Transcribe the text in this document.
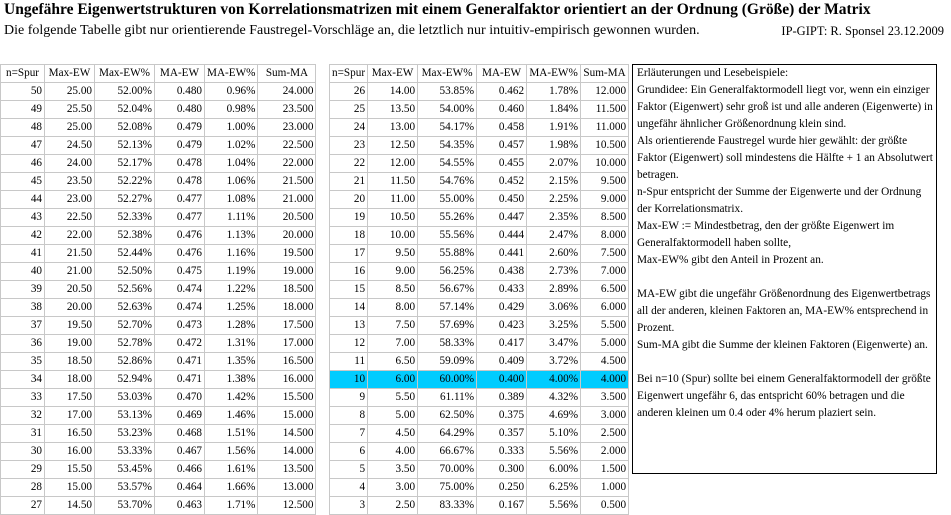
Ungefähre Eigenwertstrukturen von Korrelationsmatrizen mit einem Generalfaktor orientiert an der Ordnung (Größe) der Matrix
Die folgende Tabelle gibt nur orientierende Faustregel-Vorschläge an, die letztlich nur intuitiv-empirisch gewonnen wurden.	IP-GIPT: R. Sponsel 23.12.2009
n=Spur	Max-EW	Max-EW%	MA-EW	MA-EW%	Sum-MA
50	25.00	52.00%	0.480	0.96%	24.000
49	25.50	52.04%	0.480	0.98%	23.500
48	25.00	52.08%	0.479	1.00%	23.000
47	24.50	52.13%	0.479	1.02%	22.500
46	24.00	52.17%	0.478	1.04%	22.000
45	23.50	52.22%	0.478	1.06%	21.500
44	23.00	52.27%	0.477	1.08%	21.000
43	22.50	52.33%	0.477	1.11%	20.500
42	22.00	52.38%	0.476	1.13%	20.000
41	21.50	52.44%	0.476	1.16%	19.500
40	21.00	52.50%	0.475	1.19%	19.000
39	20.50	52.56%	0.474	1.22%	18.500
38	20.00	52.63%	0.474	1.25%	18.000
37	19.50	52.70%	0.473	1.28%	17.500
36	19.00	52.78%	0.472	1.31%	17.000
35	18.50	52.86%	0.471	1.35%	16.500
34	18.00	52.94%	0.471	1.38%	16.000
33	17.50	53.03%	0.470	1.42%	15.500
32	17.00	53.13%	0.469	1.46%	15.000
31	16.50	53.23%	0.468	1.51%	14.500
30	16.00	53.33%	0.467	1.56%	14.000
29	15.50	53.45%	0.466	1.61%	13.500
28	15.00	53.57%	0.464	1.66%	13.000
27	14.50	53.70%	0.463	1.71%	12.500
n=Spur	Max-EW	Max-EW%	MA-EW	MA-EW%	Sum-MA
26	14.00	53.85%	0.462	1.78%	12.000
25	13.50	54.00%	0.460	1.84%	11.500
24	13.00	54.17%	0.458	1.91%	11.000
23	12.50	54.35%	0.457	1.98%	10.500
22	12.00	54.55%	0.455	2.07%	10.000
21	11.50	54.76%	0.452	2.15%	9.500
20	11.00	55.00%	0.450	2.25%	9.000
19	10.50	55.26%	0.447	2.35%	8.500
18	10.00	55.56%	0.444	2.47%	8.000
17	9.50	55.88%	0.441	2.60%	7.500
16	9.00	56.25%	0.438	2.73%	7.000
15	8.50	56.67%	0.433	2.89%	6.500
14	8.00	57.14%	0.429	3.06%	6.000
13	7.50	57.69%	0.423	3.25%	5.500
12	7.00	58.33%	0.417	3.47%	5.000
11	6.50	59.09%	0.409	3.72%	4.500
10	6.00	60.00%	0.400	4.00%	4.000
9	5.50	61.11%	0.389	4.32%	3.500
8	5.00	62.50%	0.375	4.69%	3.000
7	4.50	64.29%	0.357	5.10%	2.500
6	4.00	66.67%	0.333	5.56%	2.000
5	3.50	70.00%	0.300	6.00%	1.500
4	3.00	75.00%	0.250	6.25%	1.000
3	2.50	83.33%	0.167	5.56%	0.500

Erläuterungen und Lesebeispiele:

Grundidee: Ein Generalfaktormodell liegt vor, wenn ein einziger Faktor (Eigenwert) sehr groß ist und alle anderen (Eigenwerte) in ungefähr ähnlicher Größenordnung klein sind.

Als orientierende Faustregel wurde hier gewählt: der größte Faktor (Eigenwert) soll mindestens die Hälfte + 1 an Absolutwert betragen.

n-Spur entspricht der Summe der Eigenwerte und der Ordnung der Korrelationsmatrix.

Max-EW := Mindestbetrag, den der größte Eigenwert im Generalfaktormodell haben sollte,

Max-EW% gibt den Anteil in Prozent an.

MA-EW gibt die ungefähr Größenordnung des Eigenwertbetrags all der anderen, kleinen Faktoren an, MA-EW% entsprechend in Prozent.

Sum-MA gibt die Summe der kleinen Faktoren (Eigenwerte) an.

Bei n=10 (Spur) sollte bei einem Generalfaktormodell der größte Eigenwert ungefähr 6, das entspricht 60% betragen und die anderen kleinen um 0.4 oder 4% herum plaziert sein.
